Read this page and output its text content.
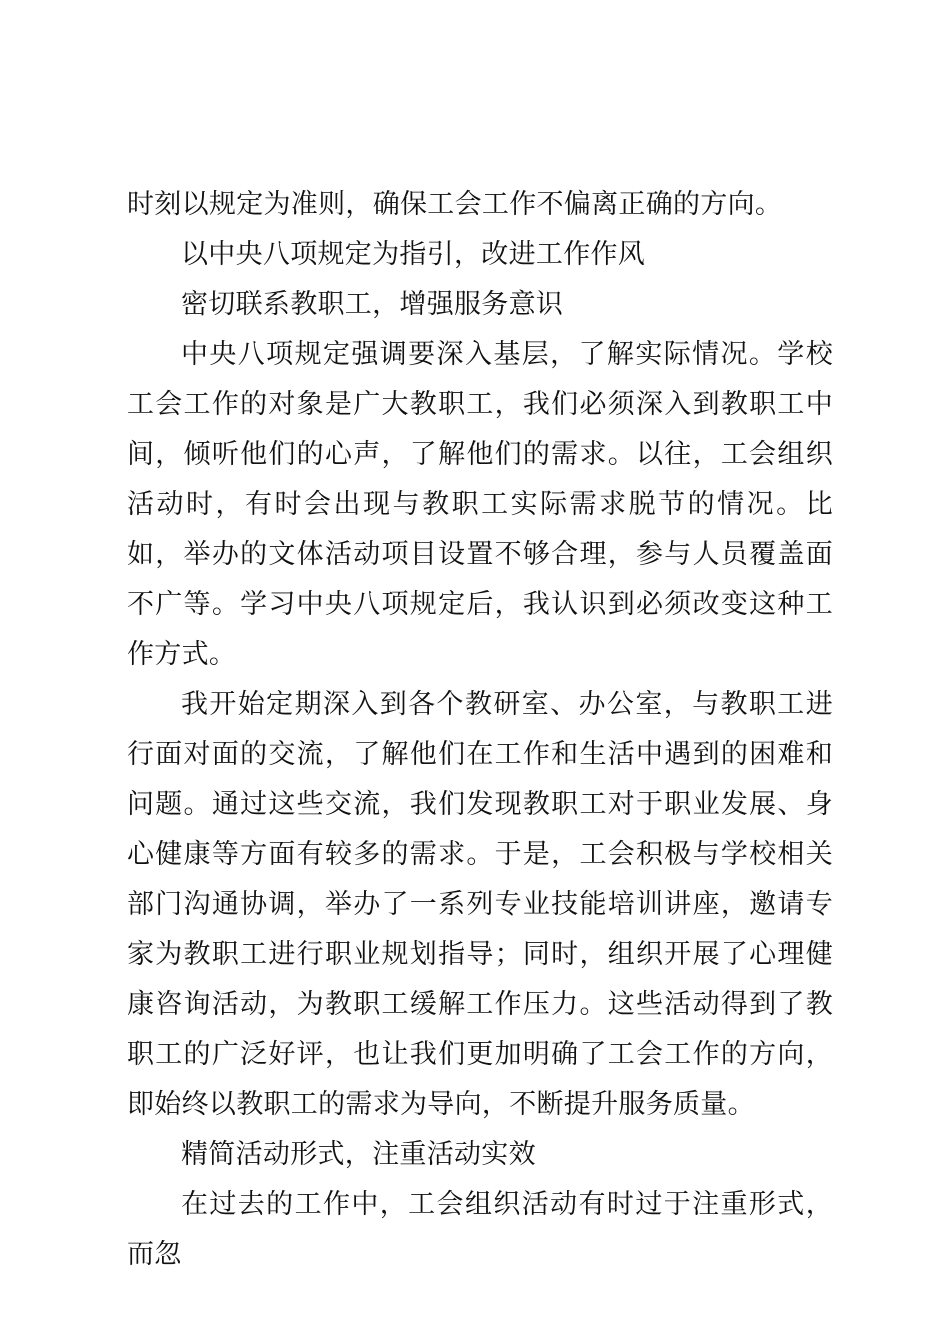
时刻以规定为准则，确保工会工作不偏离正确的方向。

以中央八项规定为指引，改进工作作风

密切联系教职工，增强服务意识

中央八项规定强调要深入基层，了解实际情况。学校工会工作的对象是广大教职工，我们必须深入到教职工中间，倾听他们的心声，了解他们的需求。以往，工会组织活动时，有时会出现与教职工实际需求脱节的情况。比如，举办的文体活动项目设置不够合理，参与人员覆盖面不广等。学习中央八项规定后，我认识到必须改变这种工作方式。

我开始定期深入到各个教研室、办公室，与教职工进行面对面的交流，了解他们在工作和生活中遇到的困难和问题。通过这些交流，我们发现教职工对于职业发展、身心健康等方面有较多的需求。于是，工会积极与学校相关部门沟通协调，举办了一系列专业技能培训讲座，邀请专家为教职工进行职业规划指导；同时，组织开展了心理健康咨询活动，为教职工缓解工作压力。这些活动得到了教职工的广泛好评，也让我们更加明确了工会工作的方向，即始终以教职工的需求为导向，不断提升服务质量。

精简活动形式，注重活动实效

在过去的工作中，工会组织活动有时过于注重形式，而忽
